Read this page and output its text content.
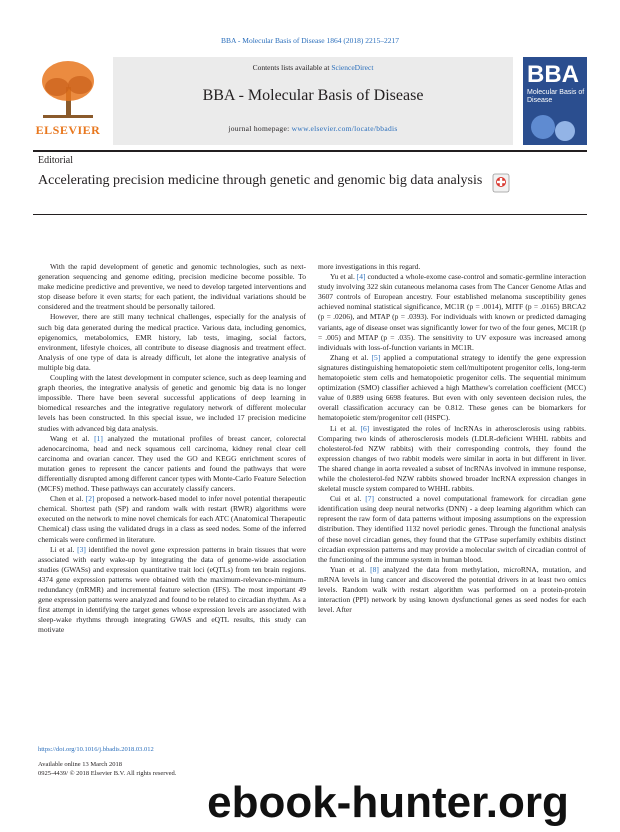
BBA - Molecular Basis of Disease 1864 (2018) 2215–2217
ELSEVIER
Contents lists available at ScienceDirect
BBA - Molecular Basis of Disease
journal homepage: www.elsevier.com/locate/bbadis
BBA
Molecular Basis of Disease
Editorial
Accelerating precision medicine through genetic and genomic big data analysis

With the rapid development of genetic and genomic technologies, such as next-generation sequencing and genome editing, precision medicine become possible. To make medicine predictive and preventive, we need to develop targeted interventions and stop disease before it even starts; for each patient, the individual variations should be considered and the treatment should be personally tailored.

However, there are still many technical challenges, especially for the analysis of such big data generated during the medical practice. Various data, including genomics, epigenomics, metabolomics, EMR history, lab tests, imaging, social factors, environment, lifestyle choices, all contribute to disease diagnosis and treatment effect. Analysis of one type of data is already difficult, let alone the integrative analysis of multiple big data.

Coupling with the latest development in computer science, such as deep learning and graph theories, the integrative analysis of genetic and genomic big data is no longer impossible. There have been several successful applications of deep learning in biomedical researches and the integrative regulatory network of different molecular levels has been constructed. In this special issue, we included 17 precision medicine studies with advanced big data analysis.

Wang et al. [1] analyzed the mutational profiles of breast cancer, colorectal adenocarcinoma, head and neck squamous cell carcinoma, kidney renal clear cell carcinoma and ovarian cancer. They used the GO and KEGG enrichment scores of mutation genes to represent the cancer patients and found the pathways that were differentially disrupted among different cancer types with Monte-Carlo Feature Selection (MCFS) method. These pathways can accurately classify cancers.

Chen et al. [2] proposed a network-based model to infer novel potential therapeutic chemical. Shortest path (SP) and random walk with restart (RWR) algorithms were executed on the network to mine novel chemicals for each ATC (Anatomical Therapeutic Chemical) class using the validated drugs in a class as seed nodes. Some of the inferred chemicals were confirmed in literature.

Li et al. [3] identified the novel gene expression patterns in brain tissues that were associated with early wake-up by integrating the data of genome-wide association studies (GWASs) and expression quantitative trait loci (eQTLs) from ten brain regions. 4374 gene expression patterns were obtained with the maximum-relevance-minimum-redundancy (mRMR) and incremental feature selection (IFS). The most important 49 gene expression patterns were analyzed and found to be related to circadian rhythm. As a first attempt in identifying the target genes whose expression levels are associated with sleep-wake rhythms through integrating GWAS and eQTL results, this study can motivate

more investigations in this regard.

Yu et al. [4] conducted a whole-exome case-control and somatic-germline interaction study involving 322 skin cutaneous melanoma cases from The Cancer Genome Atlas and 3607 controls of European ancestry. Four established melanoma susceptibility genes achieved nominal statistical significance, MC1R (p = .0014), MITF (p = .0165) BRCA2 (p = .0206), and MTAP (p = .0393). For individuals with known or predicted damaging variants, age of disease onset was significantly lower for two of the four genes, MC1R (p = .005) and MTAP (p = .035). The sensitivity to UV exposure was increased among individuals with loss-of-function variants in MC1R.

Zhang et al. [5] applied a computational strategy to identify the gene expression signatures distinguishing hematopoietic stem cell/multipotent progenitor cells, long-term hematopoietic stem cells and hematopoietic progenitor cells. The sequential minimum optimization (SMO) classifier achieved a high Matthew's correlation coefficient (MCC) value of 0.889 using 6698 features. But even with only seventeen decision rules, the overall classification accuracy can be 0.812. These genes can be biomarkers for hematopoietic stem/progenitor cell (HSPC).

Li et al. [6] investigated the roles of lncRNAs in atherosclerosis using rabbits. Comparing two kinds of atherosclerosis models (LDLR-deficient WHHL rabbits and cholesterol-fed NZW rabbits) with their corresponding controls, they found the expression changes of two rabbit models were similar in aorta in but different in liver. The shared change in aorta revealed a subset of lncRNAs involved in immune response, while the cholesterol-fed NZW rabbits showed broader lncRNA expression changes in skeletal muscle system compared to WHHL rabbits.

Cui et al. [7] constructed a novel computational framework for circadian gene identification using deep neural networks (DNN) - a deep learning algorithm which can represent the raw form of data patterns without imposing assumptions on the expression distribution. They identified 1132 novel periodic genes. Through the functional analysis of these novel circadian genes, they found that the GTPase superfamily exhibits distinct circadian expression patterns and may provide a molecular switch of circadian control of the functioning of the immune system in human blood.

Yuan et al. [8] analyzed the data from methylation, microRNA, mutation, and mRNA levels in lung cancer and discovered the potential drivers in at least two omics levels. Random walk with restart algorithm was performed on a protein-protein interaction (PPI) network by using known dysfunctional genes as seed nodes for each level. After

https://doi.org/10.1016/j.bbadis.2018.03.012
Available online 13 March 2018
0925-4439/ © 2018 Elsevier B.V. All rights reserved.
ebook-hunter.org
